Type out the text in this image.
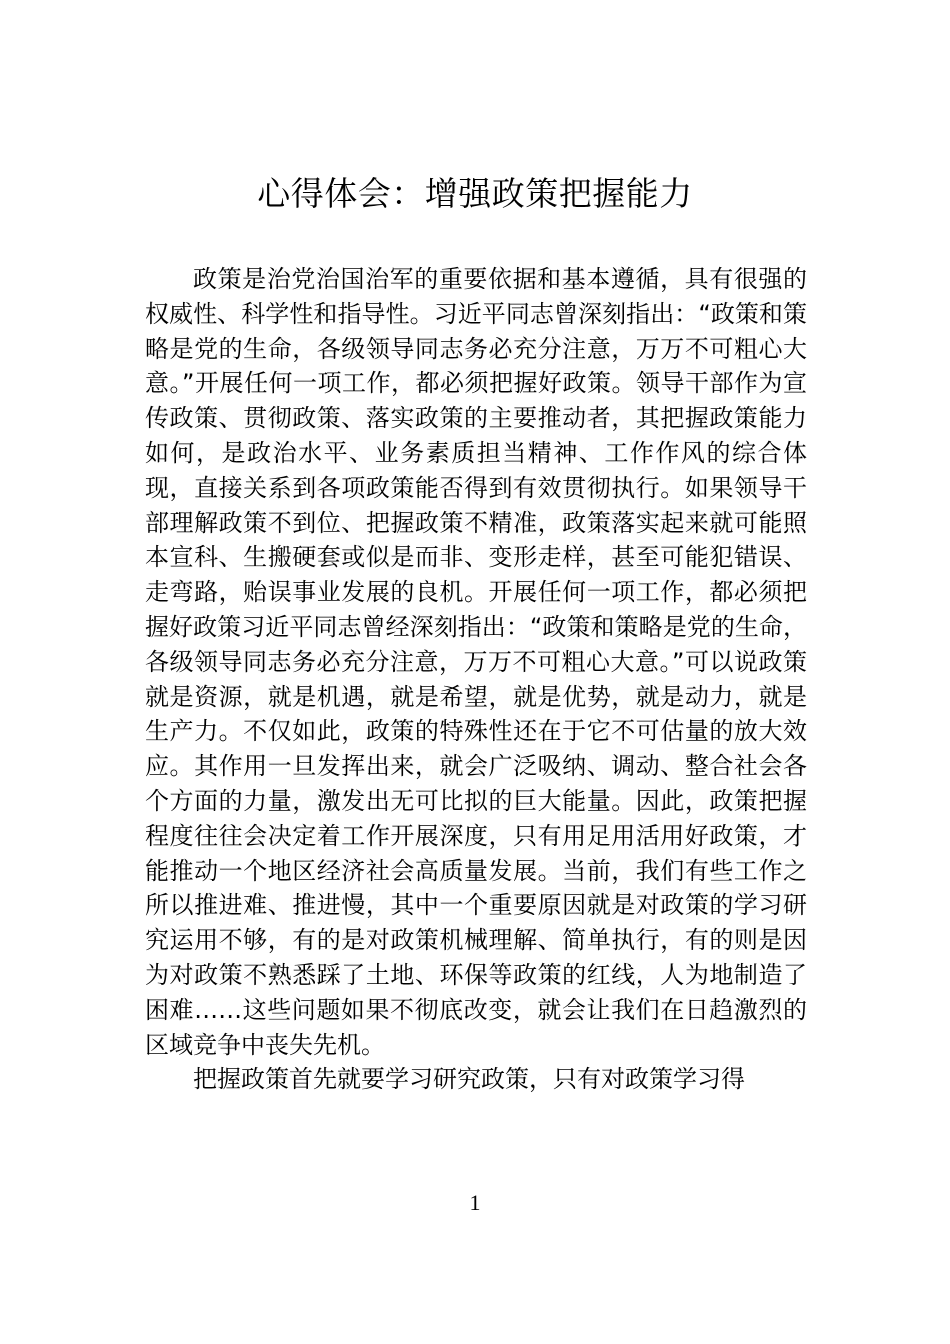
心得体会：增强政策把握能力

政策是治党治国治军的重要依据和基本遵循，具有很强的权威性、科学性和指导性。习近平同志曾深刻指出：“政策和策略是党的生命，各级领导同志务必充分注意，万万不可粗心大意。”开展任何一项工作，都必须把握好政策。领导干部作为宣传政策、贯彻政策、落实政策的主要推动者，其把握政策能力如何，是政治水平、业务素质担当精神、工作作风的综合体现，直接关系到各项政策能否得到有效贯彻执行。如果领导干部理解政策不到位、把握政策不精准，政策落实起来就可能照本宣科、生搬硬套或似是而非、变形走样，甚至可能犯错误、走弯路，贻误事业发展的良机。开展任何一项工作，都必须把握好政策习近平同志曾经深刻指出：“政策和策略是党的生命，各级领导同志务必充分注意，万万不可粗心大意。”可以说政策就是资源，就是机遇，就是希望，就是优势，就是动力，就是生产力。不仅如此，政策的特殊性还在于它不可估量的放大效应。其作用一旦发挥出来，就会广泛吸纳、调动、整合社会各个方面的力量，激发出无可比拟的巨大能量。因此，政策把握程度往往会决定着工作开展深度，只有用足用活用好政策，才能推动一个地区经济社会高质量发展。当前，我们有些工作之所以推进难、推进慢，其中一个重要原因就是对政策的学习研究运用不够，有的是对政策机械理解、简单执行，有的则是因为对政策不熟悉踩了土地、环保等政策的红线，人为地制造了困难……这些问题如果不彻底改变，就会让我们在日趋激烈的区域竞争中丧失先机。

把握政策首先就要学习研究政策，只有对政策学习得

1
